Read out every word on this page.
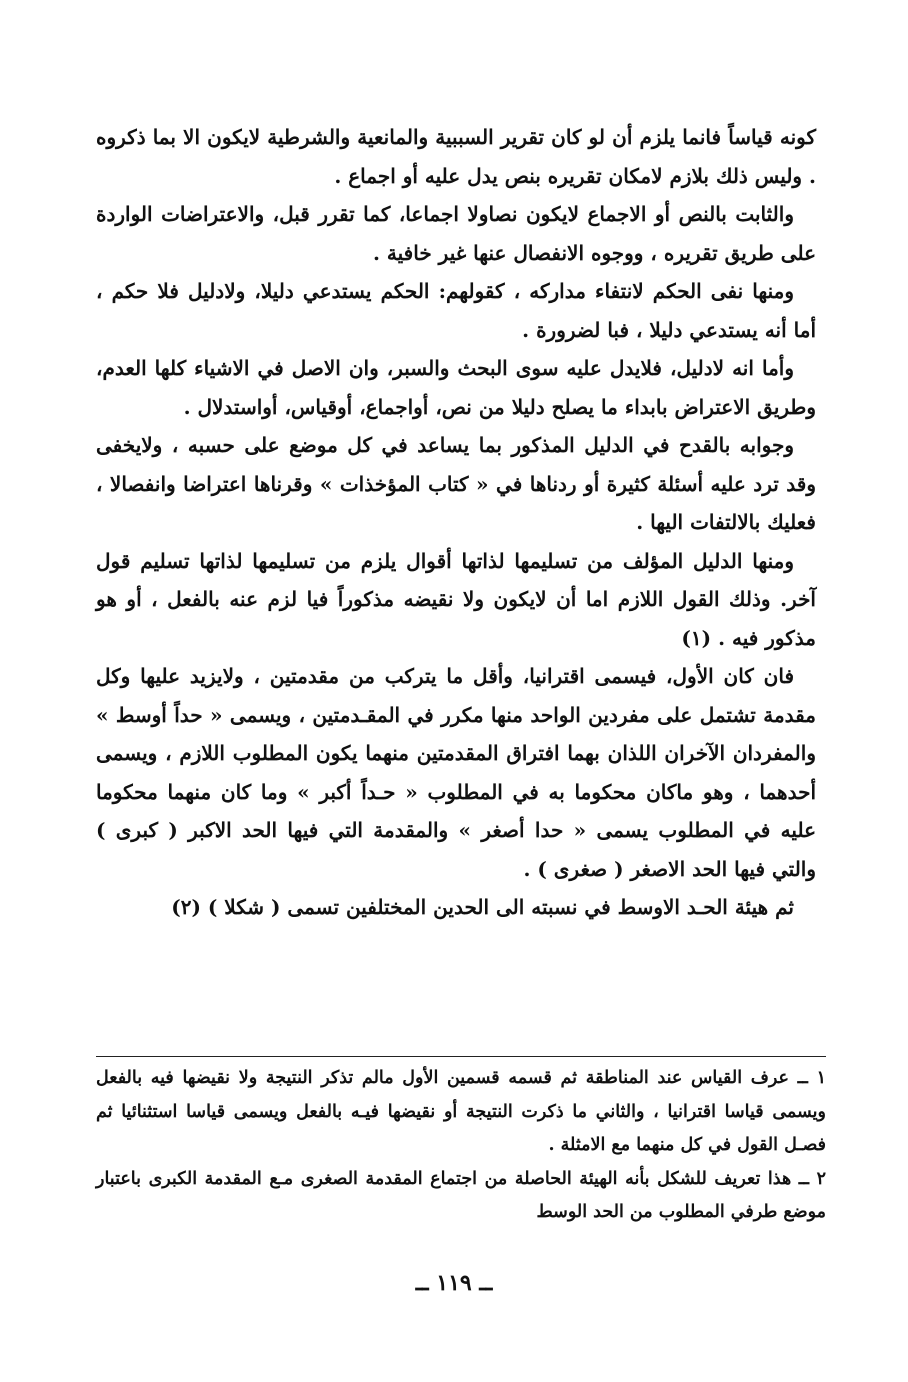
كونه قياساً فانما يلزم أن لو كان تقرير السببية والمانعية والشرطية لايكون الا بما ذكروه . وليس ذلك بلازم لامكان تقريره بنص يدل عليه أو اجماع .

والثابت بالنص أو الاجماع لايكون نصاولا اجماعا، كما تقرر قبل، والاعتراضات الواردة على طريق تقريره ، ووجوه الانفصال عنها غير خافية .

ومنها نفى الحكم لانتفاء مداركه ، كقولهم: الحكم يستدعي دليلا، ولادليل فلا حكم ، أما أنه يستدعي دليلا ، فبا لضرورة .

وأما انه لادليل، فلايدل عليه سوى البحث والسبر، وان الاصل في الاشياء كلها العدم، وطريق الاعتراض بابداء ما يصلح دليلا من نص، أواجماع، أوقياس، أواستدلال .

وجوابه بالقدح في الدليل المذكور بما يساعد في كل موضع على حسبه ، ولايخفى وقد ترد عليه أسئلة كثيرة أو ردناها في « كتاب المؤخذات » وقرناها اعتراضا وانفصالا ، فعليك بالالتفات اليها .

ومنها الدليل المؤلف من تسليمها لذاتها أقوال يلزم من تسليمها لذاتها تسليم قول آخر. وذلك القول اللازم اما أن لايكون ولا نقيضه مذكوراً فيا لزم عنه بالفعل ، أو هو مذكور فيه . (١)

فان كان الأول، فيسمى اقترانيا، وأقل ما يتركب من مقدمتين ، ولايزيد عليها وكل مقدمة تشتمل على مفردين الواحد منها مكرر في المقـدمتين ، ويسمى « حداً أوسط » والمفردان الآخران اللذان بهما افتراق المقدمتين منهما يكون المطلوب اللازم ، ويسمى أحدهما ، وهو ماكان محكوما به في المطلوب « حـداً أكبر » وما كان منهما محكوما عليه في المطلوب يسمى « حدا أصغر » والمقدمة التي فيها الحد الاكبر ( كبرى ) والتي فيها الحد الاصغر ( صغرى ) .

ثم هيئة الحـد الاوسط في نسبته الى الحدين المختلفين تسمى ( شكلا ) (٢)

١ ــ عرف القياس عند المناطقة ثم قسمه قسمين الأول مالم تذكر النتيجة ولا نقيضها فيه بالفعل ويسمى قياسا اقترانيا ، والثاني ما ذكرت النتيجة أو نقيضها فيـه بالفعل ويسمى قياسا استثنائيا ثم فصـل القول في كل منهما مع الامثلة .

٢ ــ هذا تعريف للشكل بأنه الهيئة الحاصلة من اجتماع المقدمة الصغرى مـع المقدمة الكبرى باعتبار موضع طرفي المطلوب من الحد الوسط

ــ ١١٩ ــ
